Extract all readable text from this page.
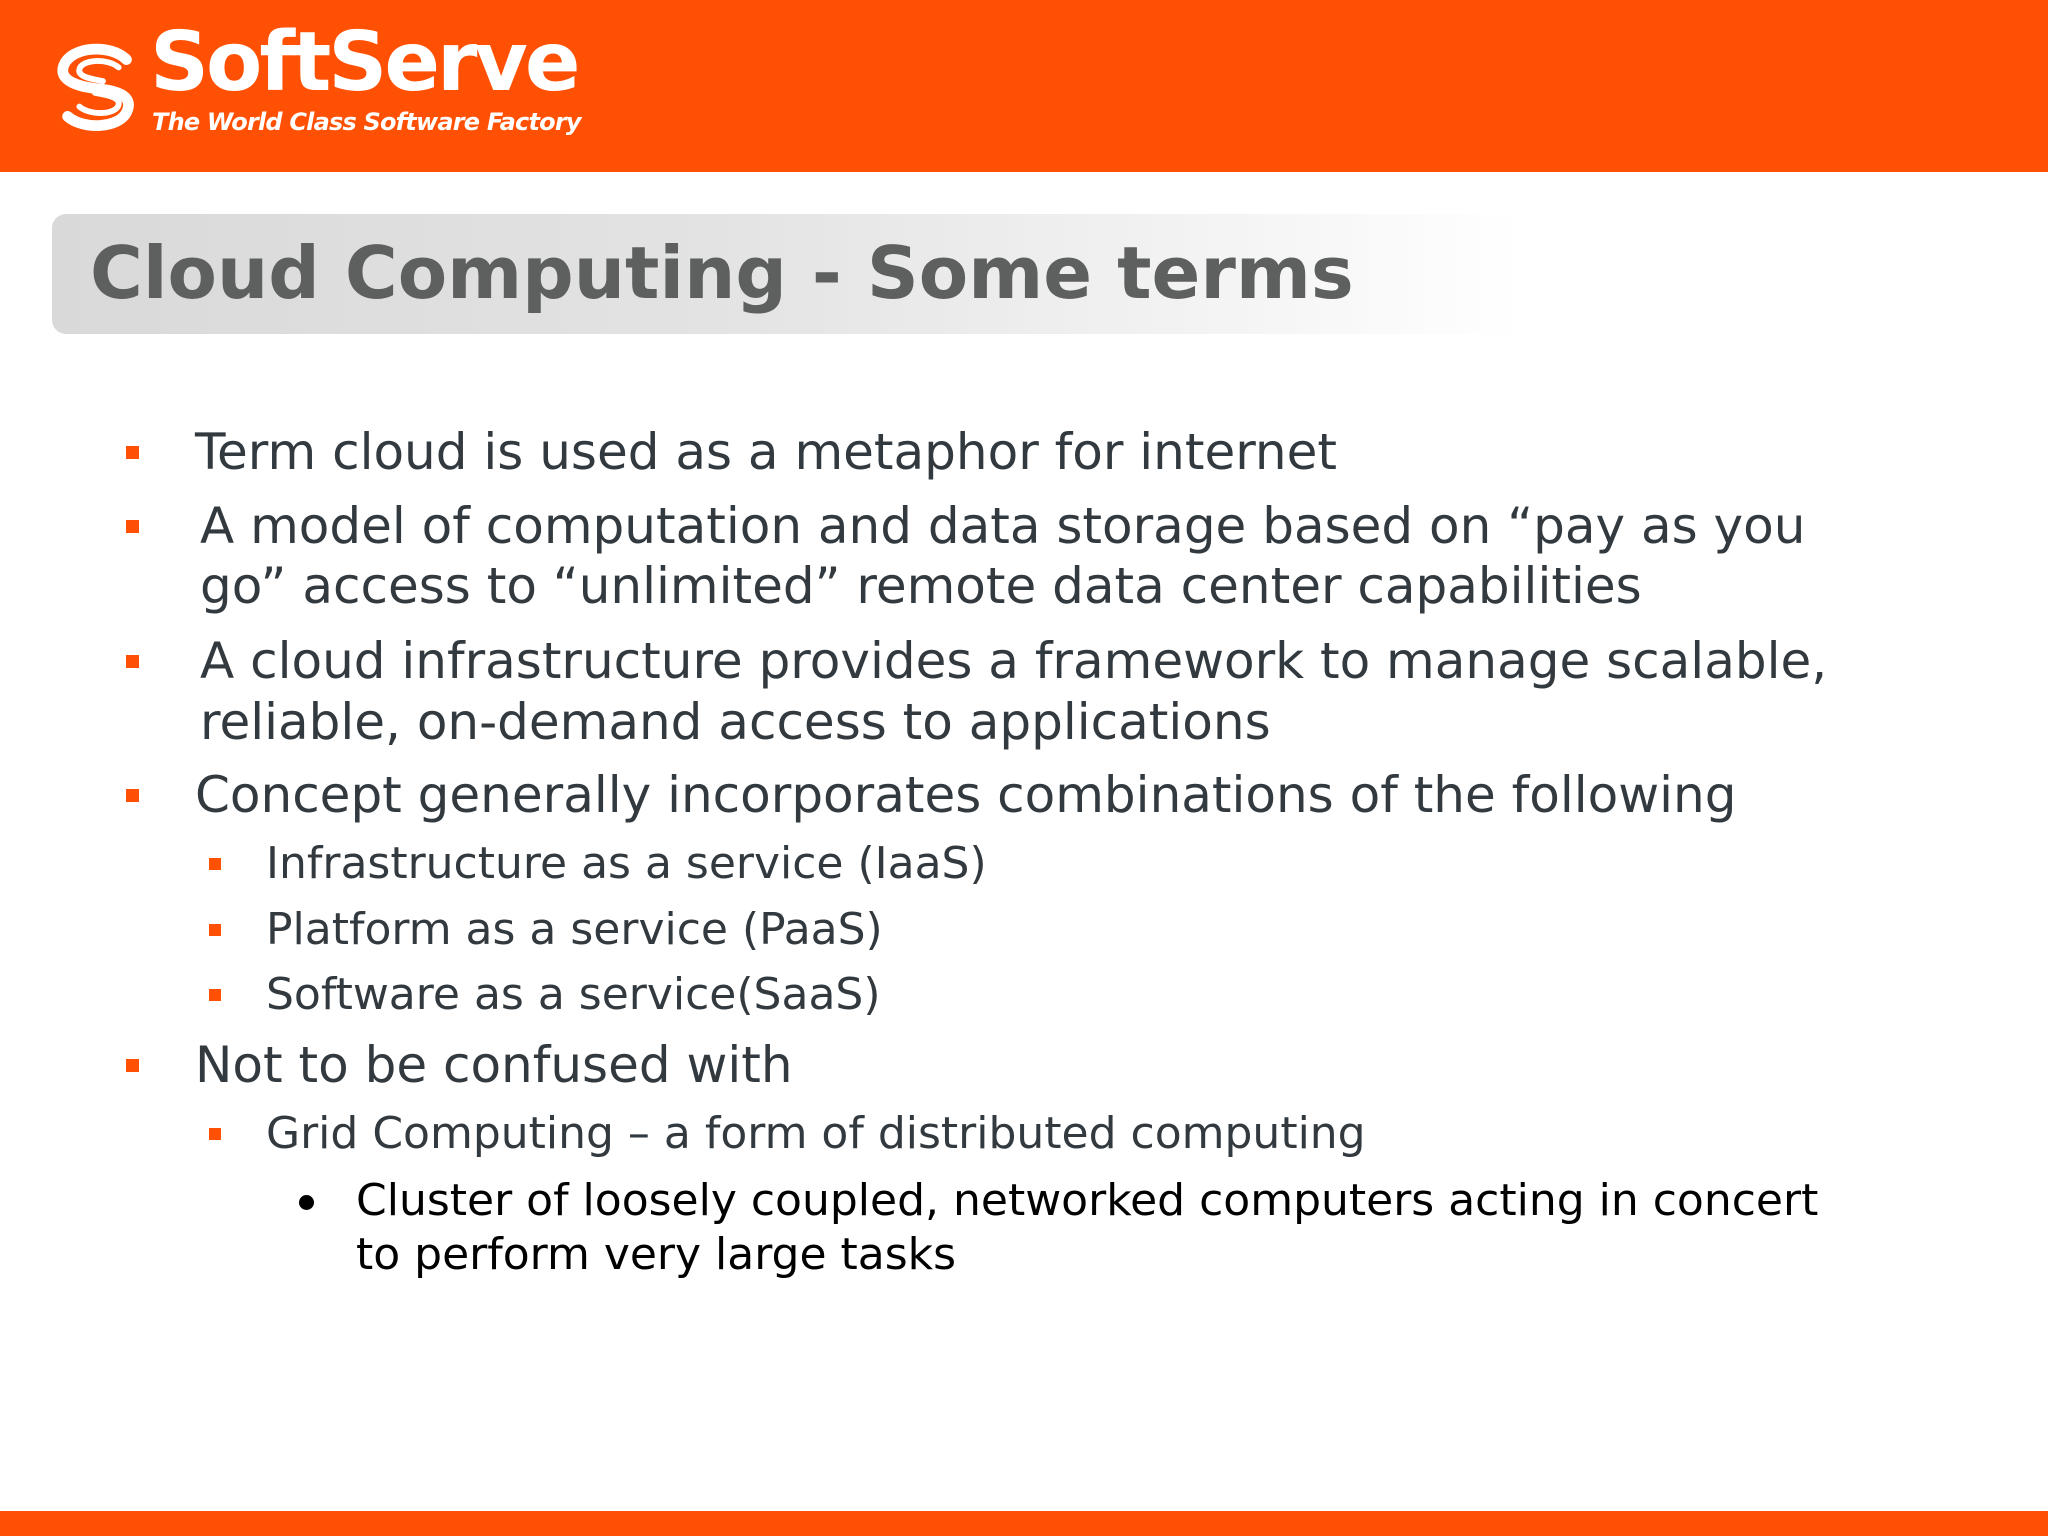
SoftServe
The World Class Software Factory
Cloud Computing - Some terms
Term cloud is used as a metaphor for internet
A model of computation and data storage based on “pay as you
go” access to “unlimited” remote data center capabilities
A cloud infrastructure provides a framework to manage scalable,
reliable, on-demand access to applications
Concept generally incorporates combinations of the following
Infrastructure as a service (IaaS)
Platform as a service (PaaS)
Software as a service(SaaS)
Not to be confused with
Grid Computing – a form of distributed computing
Cluster of loosely coupled, networked computers acting in concert
to perform very large tasks
